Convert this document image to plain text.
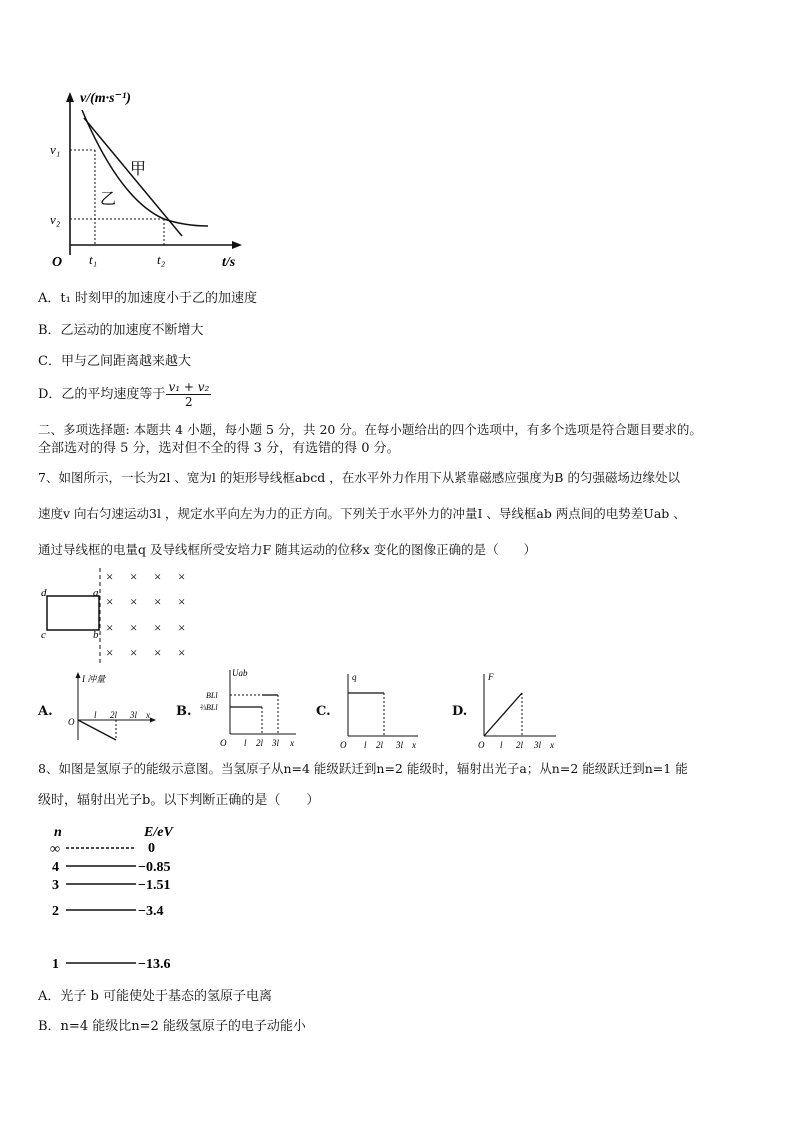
v/(m·s⁻¹)
t/s
O
v₁
v₂
t₁	t₂
甲
乙
A．t₁ 时刻甲的加速度小于乙的加速度
B．乙运动的加速度不断增大
C．甲与乙间距离越来越大
D．乙的平均速度等于 $\frac{\text{v₁ + v₂}}{2}$
二、多项选择题: 本题共 4 小题，每小题 5 分，共 20 分。在每小题给出的四个选项中，有多个选项是符合题目要求的。
全部选对的得 5 分，选对但不全的得 3 分，有选错的得 0 分。
7、如图所示，一长为2l 、宽为l 的矩形导线框abcd ，在水平外力作用下从紧靠磁感应强度为B 的匀强磁场边缘处以
速度v 向右匀速运动3l ，规定水平向左为力的正方向。下列关于水平外力的冲量I 、导线框ab 两点间的电势差Uab 、
通过导线框的电量q 及导线框所受安培力F 随其运动的位移x 变化的图像正确的是（　　）
d	a
c	b
× × × ×
× × × ×
× × × ×
× × × ×
A.
I 冲量
O
l 2l 3l x B.
Uab
BLl
⅔BLl
O l 2l 3l x
C.
q
O l 2l 3l x
D.
F
O l 2l 3l x
8、如图是氢原子的能级示意图。当氢原子从n=4 能级跃迁到n=2 能级时，辐射出光子a；从n=2 能级跃迁到n=1 能
级时，辐射出光子b。以下判断正确的是（　　）
n	E/eV
∞	0
4	−0.85
3	−1.51
2	−3.4
1	−13.6
A．光子 b 可能使处于基态的氢原子电离
B．n=4 能级比n=2 能级氢原子的电子动能小
